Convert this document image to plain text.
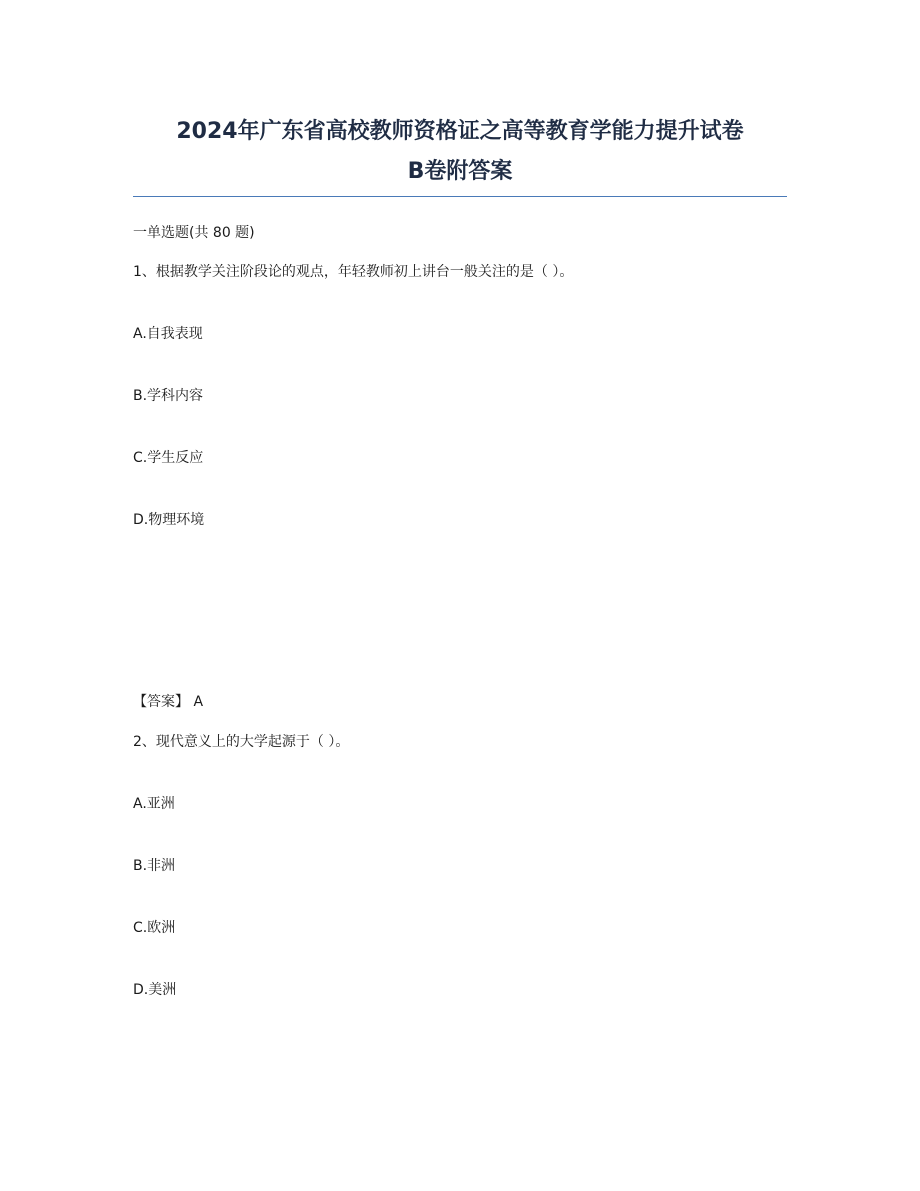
2024年广东省高校教师资格证之高等教育学能力提升试卷
B卷附答案
一单选题(共 80 题)
1、根据教学关注阶段论的观点，年轻教师初上讲台一般关注的是（ ）。
A.自我表现
B.学科内容
C.学生反应
D.物理环境
【答案】 A
2、现代意义上的大学起源于（ ）。
A.亚洲
B.非洲
C.欧洲
D.美洲
